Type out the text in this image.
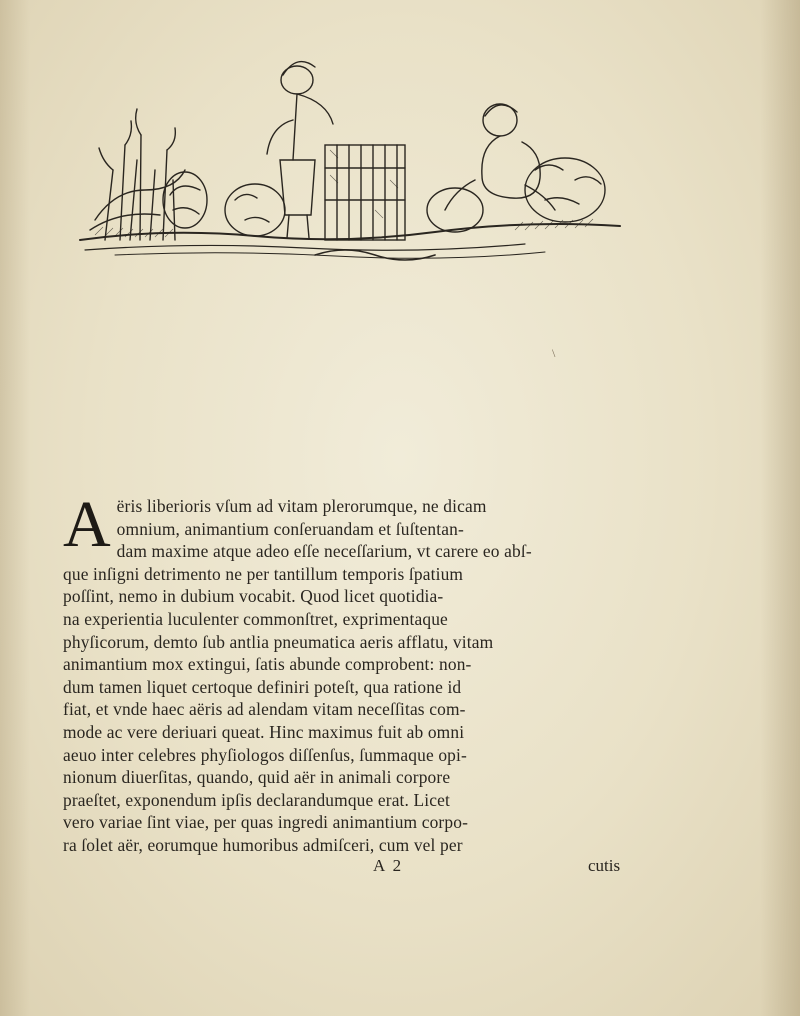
\
A ëris liberioris vſum ad vitam plerorumque, ne dicam
omnium, animantium conſeruandam et ſuſtentan-
dam maxime atque adeo eſſe neceſſarium, vt carere eo abſ-
que inſigni detrimento ne per tantillum temporis ſpatium
poſſint, nemo in dubium vocabit. Quod licet quotidia-
na experientia luculenter commonſtret, exprimentaque
phyſicorum, demto ſub antlia pneumatica aeris afflatu, vitam
animantium mox extingui, ſatis abunde comprobent: non-
dum tamen liquet certoque definiri poteſt, qua ratione id
fiat, et vnde haec aëris ad alendam vitam neceſſitas com-
mode ac vere deriuari queat. Hinc maximus fuit ab omni
aeuo inter celebres phyſiologos diſſenſus, ſummaque opi-
nionum diuerſitas, quando, quid aër in animali corpore
praeſtet, exponendum ipſis declarandumque erat. Licet
vero variae ſint viae, per quas ingredi animantium corpo-
ra ſolet aër, eorumque humoribus admiſceri, cum vel per

A 2	cutis
